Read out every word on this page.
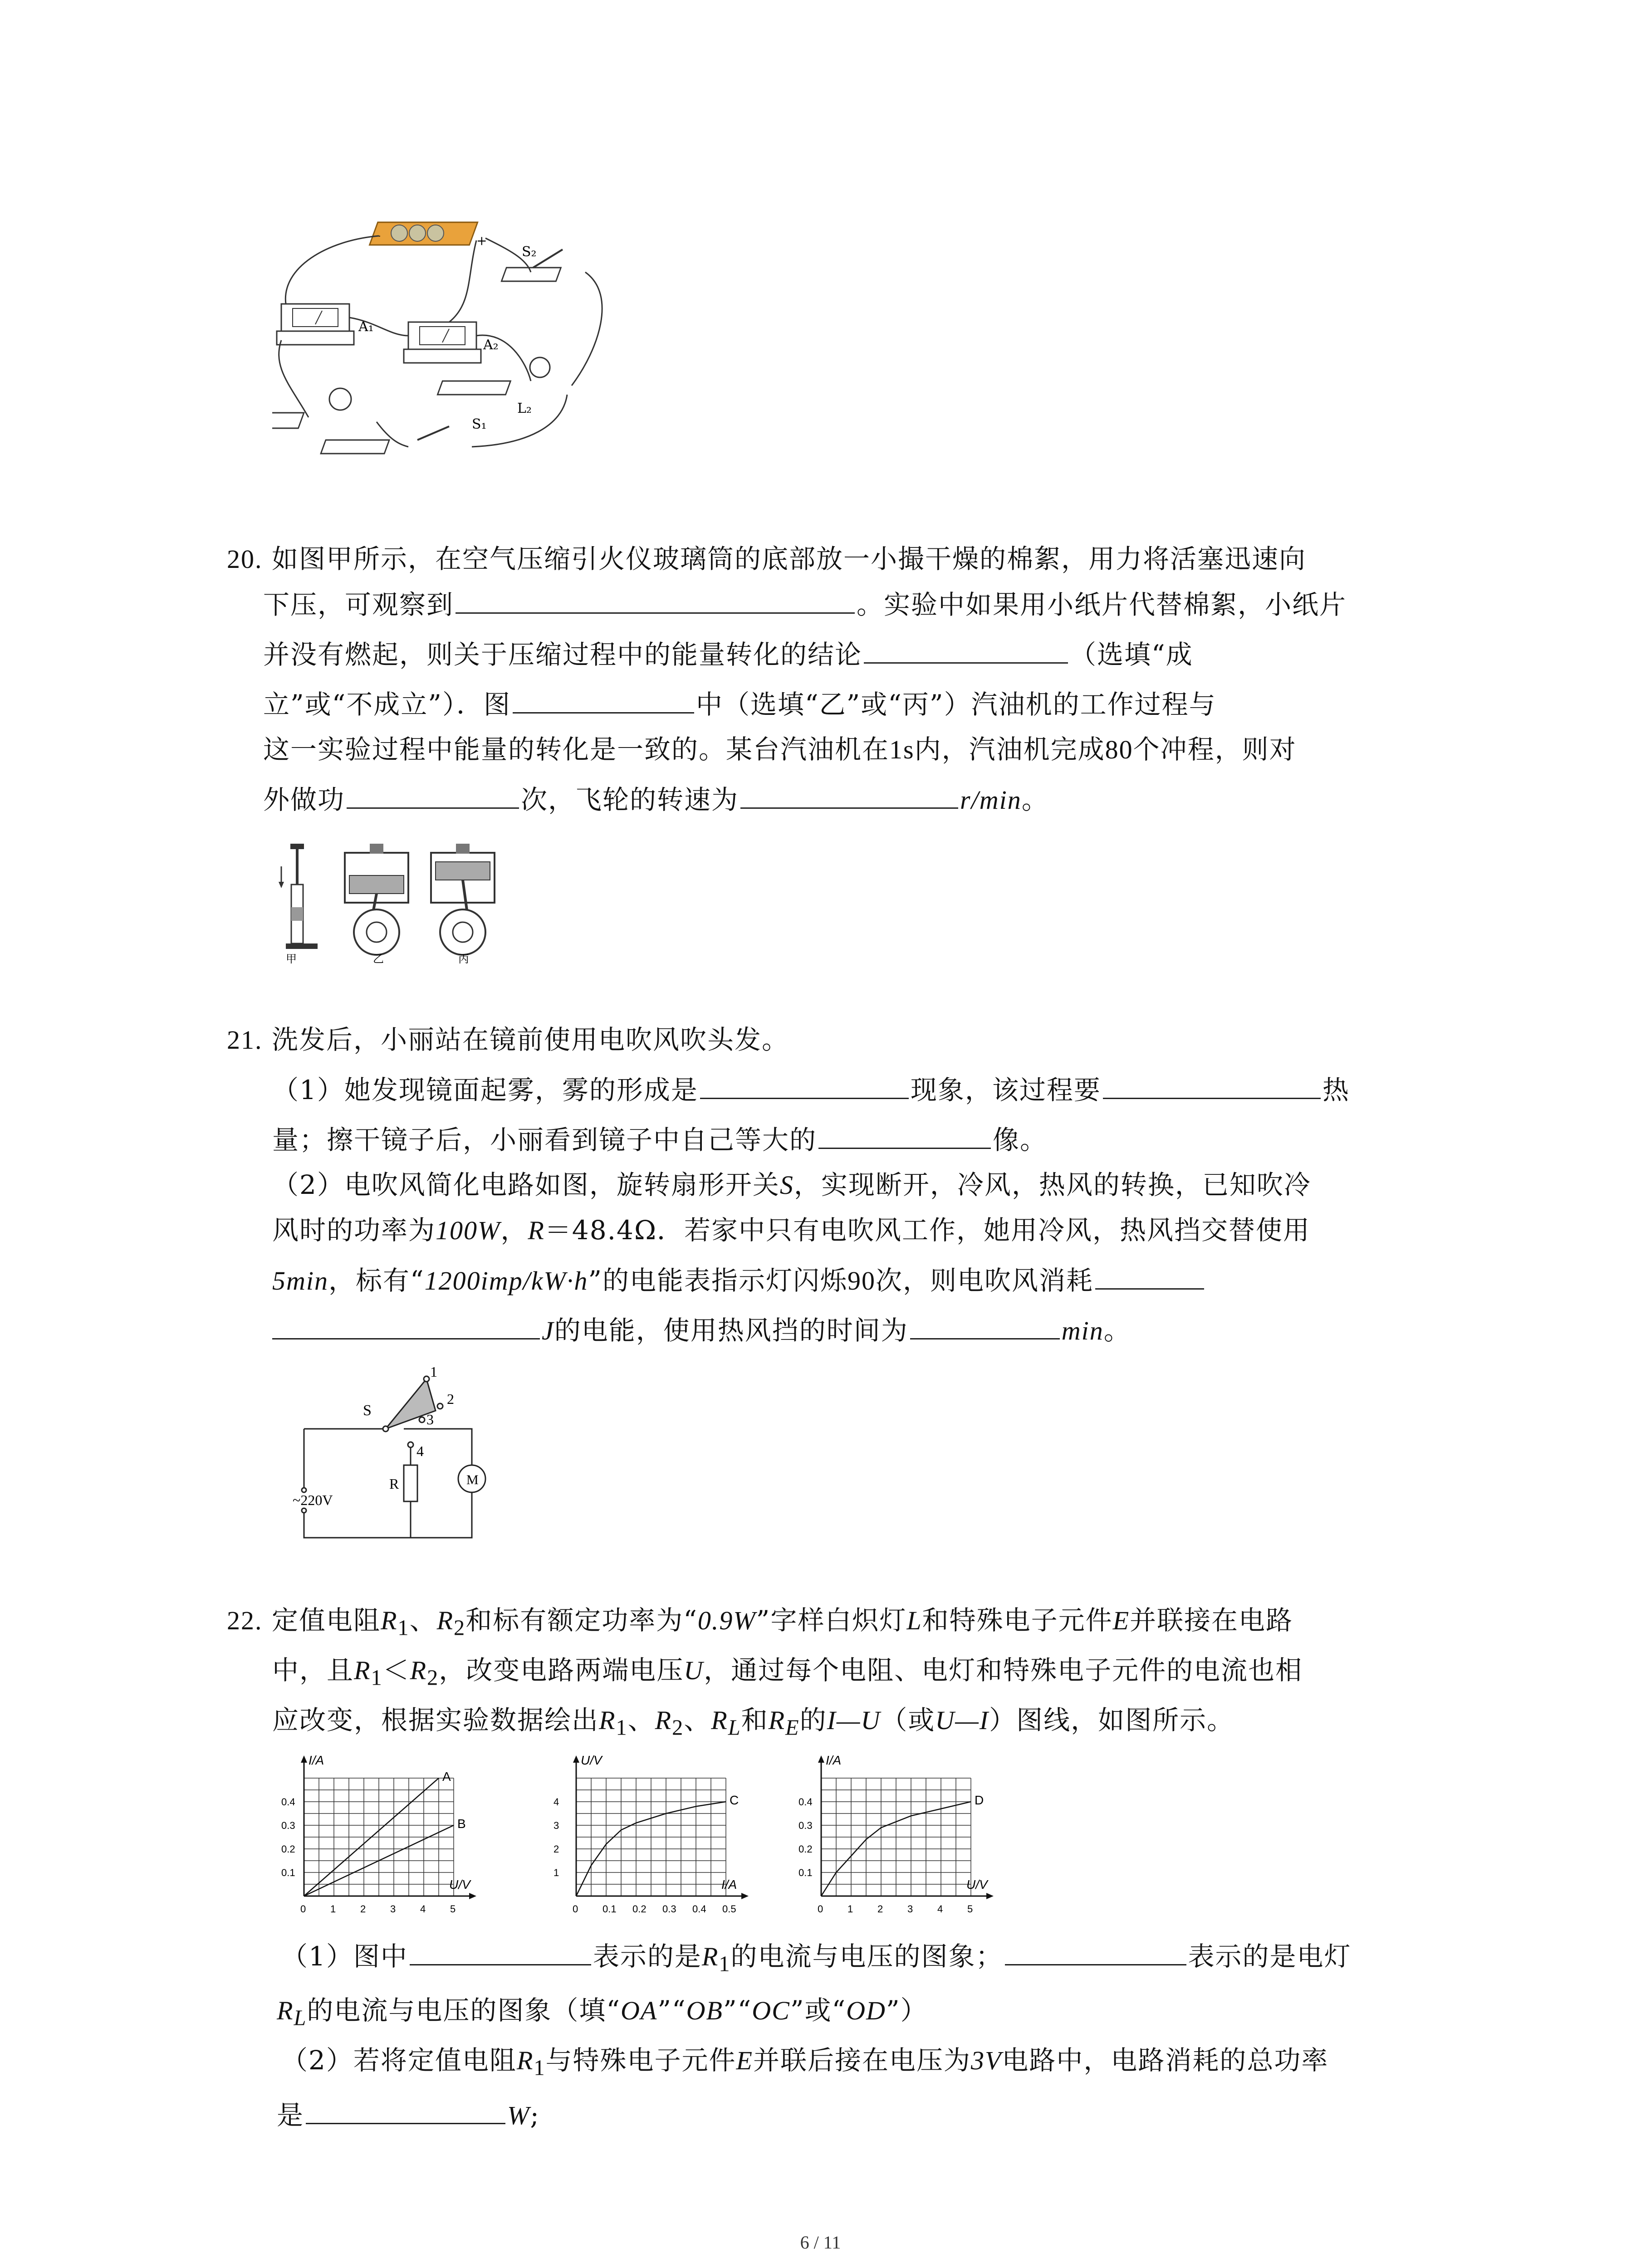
–	+
S₂
A₁
A₂
L₂
S₁
20. 如图甲所示，在空气压缩引火仪玻璃筒的底部放一小撮干燥的棉絮，用力将活塞迅速向
下压，可观察到	。实验中如果用小纸片代替棉絮，小纸片
并没有燃起，则关于压缩过程中的能量转化的结论	（选填“成
立”或“不成立”）．图	中（选填“乙”或“丙”）汽油机的工作过程与
这一实验过程中能量的转化是一致的。某台汽油机在1s内，汽油机完成80个冲程，则对
外做功	次，飞轮的转速为	r/min。
甲	乙	丙
21. 洗发后，小丽站在镜前使用电吹风吹头发。
（1）她发现镜面起雾，雾的形成是	现象，该过程要	热
量；擦干镜子后，小丽看到镜子中自己等大的	像。
（2）电吹风简化电路如图，旋转扇形开关S，实现断开，冷风，热风的转换，已知吹冷
风时的功率为100W，R＝48.4Ω．若家中只有电吹风工作，她用冷风，热风挡交替使用
5min，标有“1200imp/kW·h”的电能表指示灯闪烁90次，则电吹风消耗
J的电能，使用热风挡的时间为	min。
S
1
2
3
4
~220V
R	M
22. 定值电阻$R_1$、$R_2$和标有额定功率为“0.9W”字样白炽灯L和特殊电子元件E并联接在电路
中，且$R_1<R_2$，改变电路两端电压U，通过每个电阻、电灯和特殊电子元件的电流也相
应改变，根据实验数据绘出$R_1$、$R_2$、$R_L$和$R_E$的I—U（或U—I）图线，如图所示。
I/A
U/V
0 1 2 3 4 5
0.1
0.2
0.3
0.4
A
B
U/V
I/A
0 0.1 0.2 0.3 0.4 0.5
1
2
3
4	C
I/A
U/V
0 1 2 3 4 5
0.1
0.2
0.3
0.4	D
（1）图中	表示的是$R_1$的电流与电压的图象；	表示的是电灯
$R_L$的电流与电压的图象（填“OA”“OB”“OC”或“OD”）
（2）若将定值电阻$R_1$与特殊电子元件E并联后接在电压为3V电路中，电路消耗的总功率
是	W;
6 / 11
